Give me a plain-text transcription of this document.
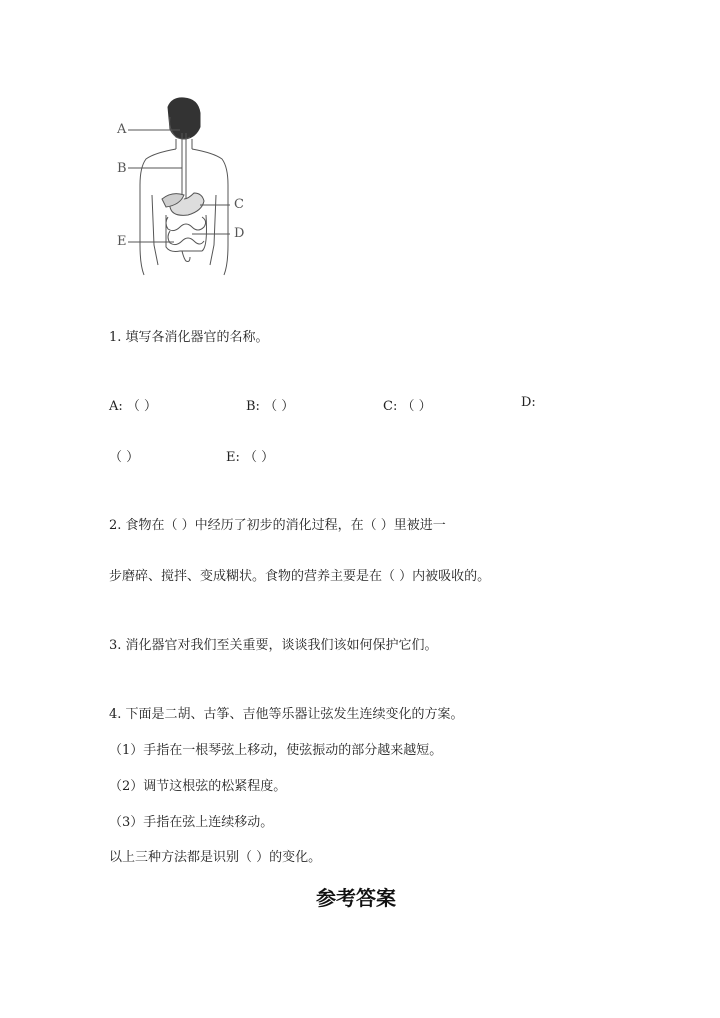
A
B
C
D
E
1. 填写各消化器官的名称。
A: （ ）	B: （ ）	C: （ ）	D:
（ ）	E: （ ）
2. 食物在（ ）中经历了初步的消化过程，在（ ）里被进一
步磨碎、搅拌、变成糊状。食物的营养主要是在（ ）内被吸收的。
3. 消化器官对我们至关重要，谈谈我们该如何保护它们。
4. 下面是二胡、古筝、吉他等乐器让弦发生连续变化的方案。
（1）手指在一根琴弦上移动，使弦振动的部分越来越短。
（2）调节这根弦的松紧程度。
（3）手指在弦上连续移动。
以上三种方法都是识别（ ）的变化。
参考答案
